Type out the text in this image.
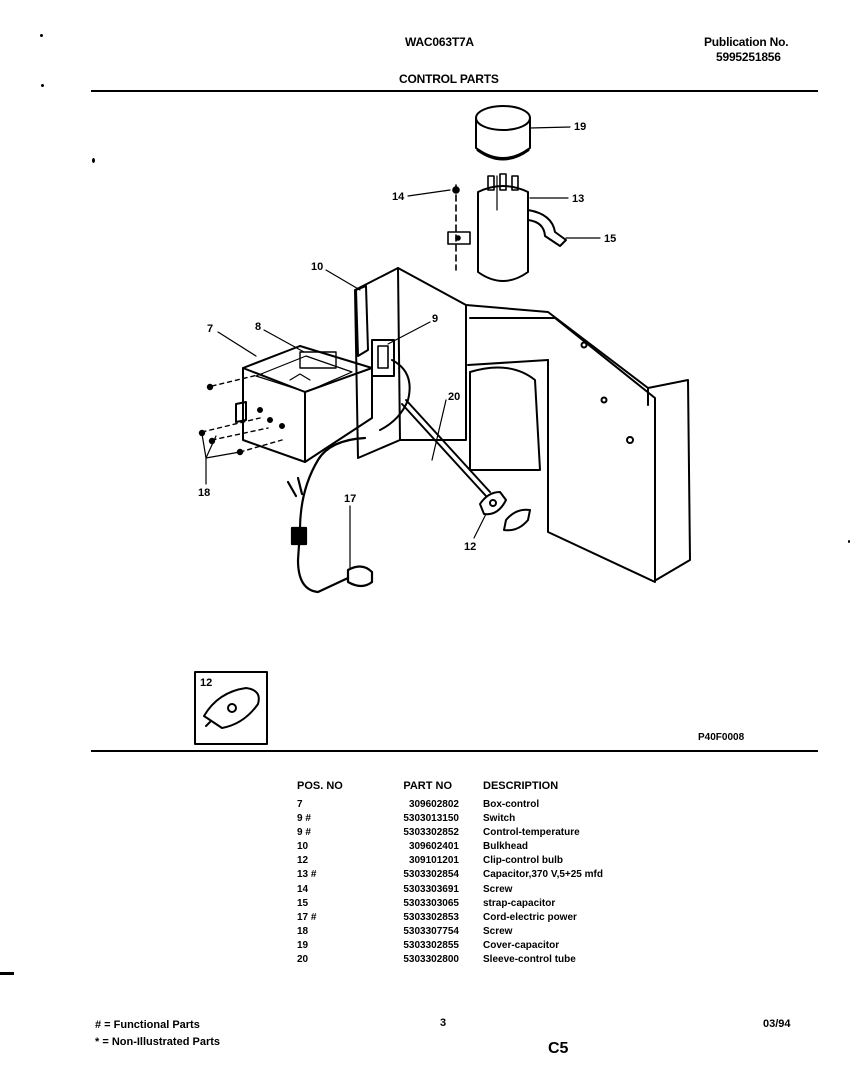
WAC063T7A	Publication No.
5995251856
CONTROL PARTS
19
14	13
15
10
7	8
9
20
18	17
12
12
P40F0008
POS. NO	PART NO	DESCRIPTION
7	309602802 Box-control
9 #	5303013150 Switch
9 #	5303302852 Control-temperature
10	309602401 Bulkhead
12	309101201 Clip-control bulb
13 #	5303302854 Capacitor,370 V,5+25 mfd
14	5303303691 Screw
15	5303303065 strap-capacitor
17 #	5303302853 Cord-electric power
18	5303307754 Screw
19	5303302855 Cover-capacitor
20	5303302800 Sleeve-control tube
# = Functional Parts
* = Non-Illustrated Parts
3	03/94
C5
